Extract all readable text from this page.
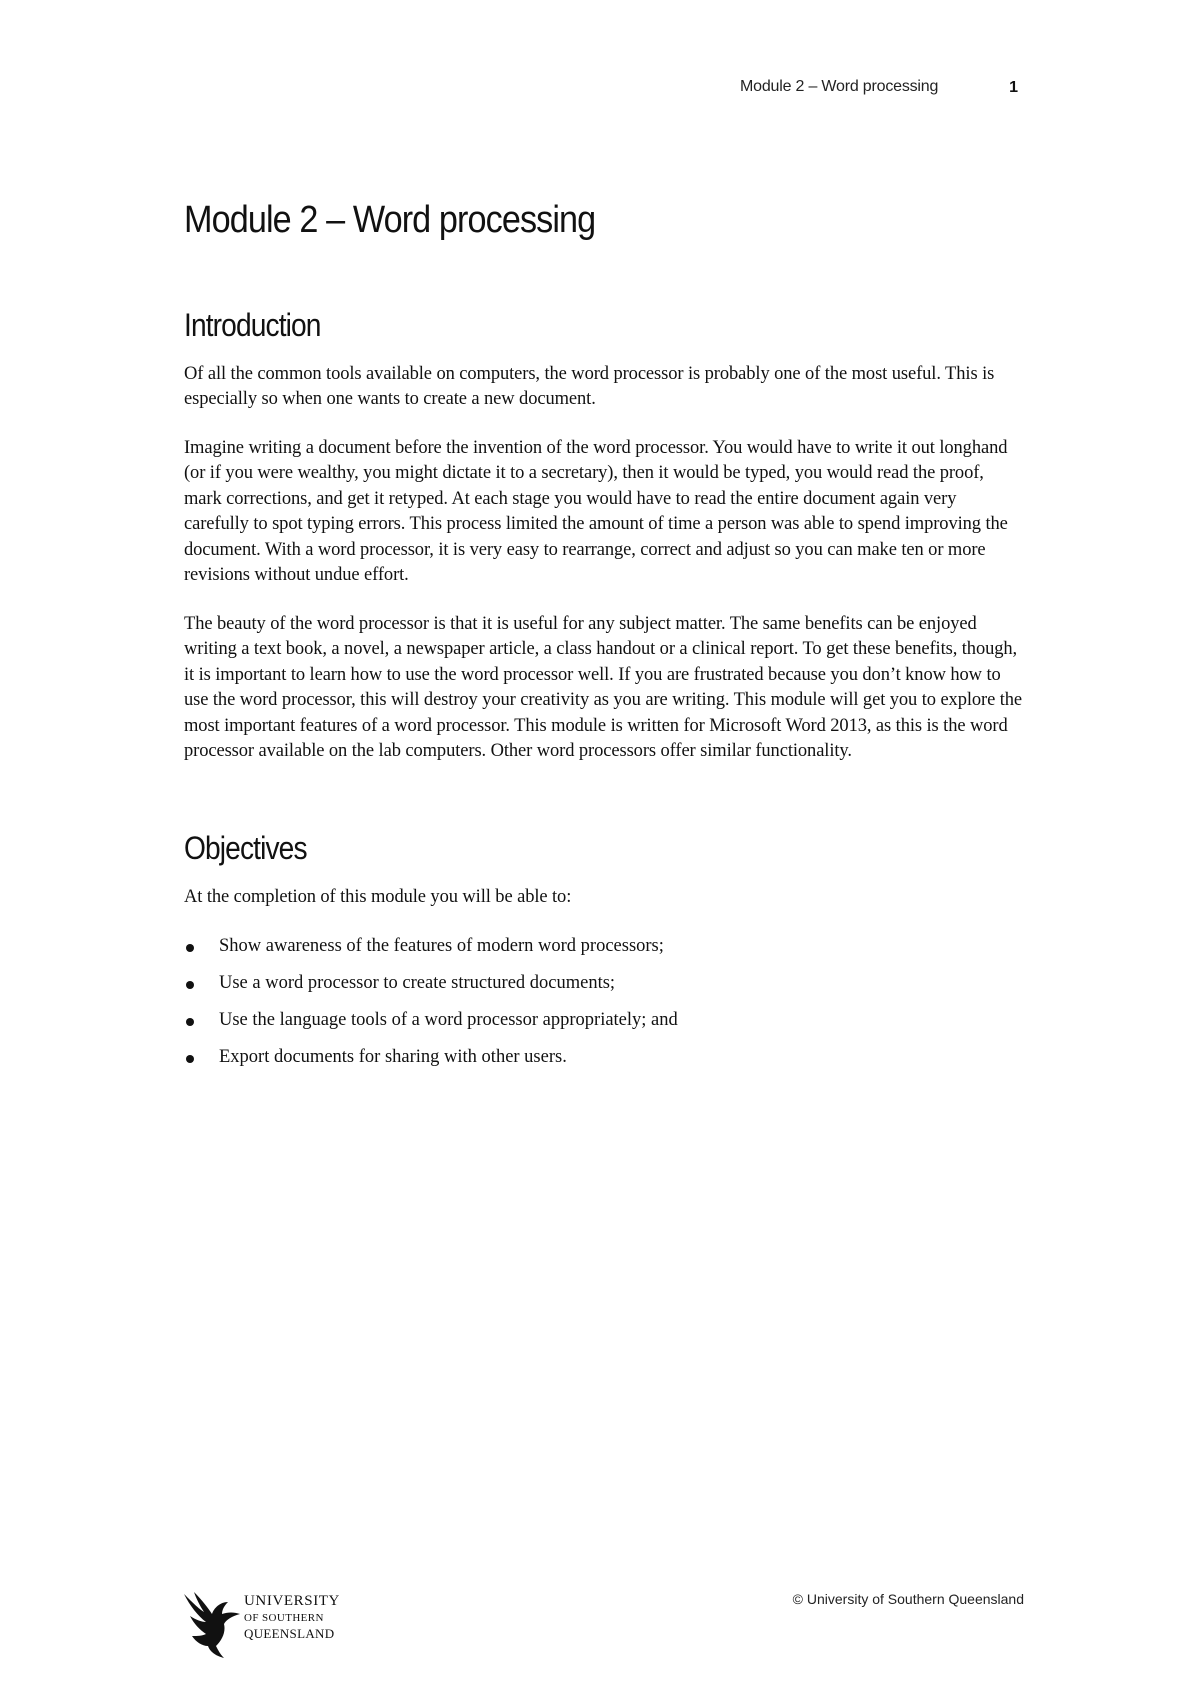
Module 2 – Word processing	1
Module 2 – Word processing
Introduction

Of all the common tools available on computers, the word processor is probably one of the most useful. This is especially so when one wants to create a new document.

Imagine writing a document before the invention of the word processor. You would have to write it out longhand (or if you were wealthy, you might dictate it to a secretary), then it would be typed, you would read the proof, mark corrections, and get it retyped. At each stage you would have to read the entire document again very carefully to spot typing errors. This process limited the amount of time a person was able to spend improving the document. With a word processor, it is very easy to rearrange, correct and adjust so you can make ten or more revisions without undue effort.

The beauty of the word processor is that it is useful for any subject matter. The same benefits can be enjoyed writing a text book, a novel, a newspaper article, a class handout or a clinical report. To get these benefits, though, it is important to learn how to use the word processor well. If you are frustrated because you don’t know how to use the word processor, this will destroy your creativity as you are writing. This module will get you to explore the most important features of a word processor. This module is written for Microsoft Word 2013, as this is the word processor available on the lab computers. Other word processors offer similar functionality.

Objectives

At the completion of this module you will be able to:

Show awareness of the features of modern word processors;
Use a word processor to create structured documents;
Use the language tools of a word processor appropriately; and
Export documents for sharing with other users.
UNIVERSITY
OF SOUTHERN
QUEENSLAND
© University of Southern Queensland
